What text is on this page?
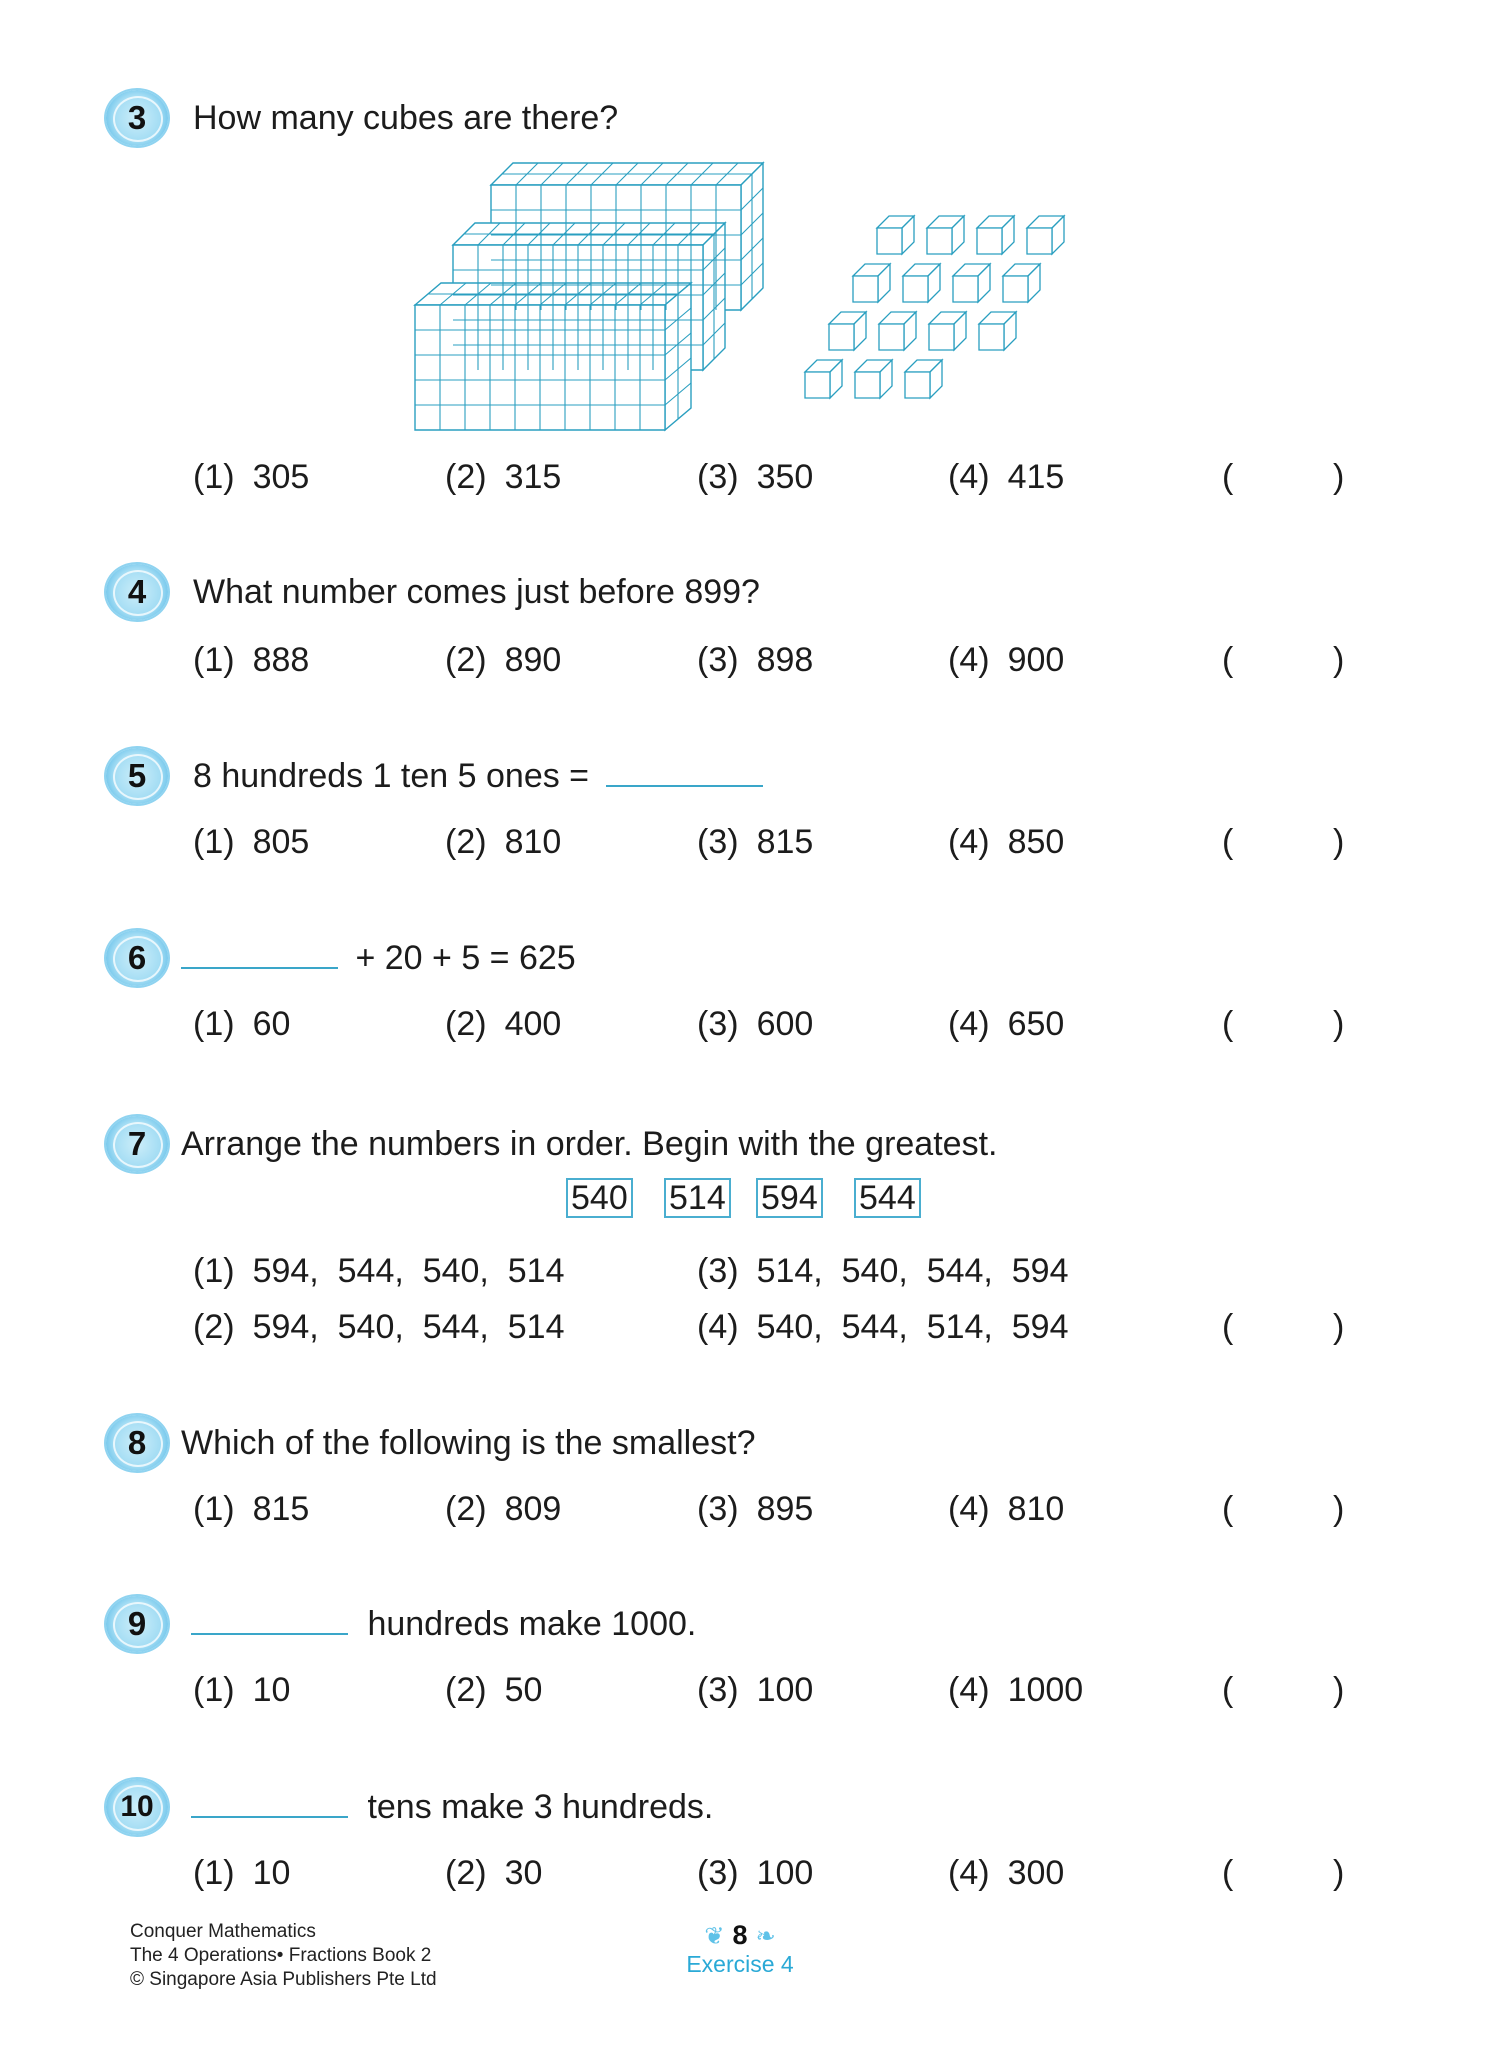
3 How many cubes are there?
(1) 305	(2) 315	(3) 350	(4) 415	(	)
4 What number comes just before 899?
(1) 888	(2) 890	(3) 898	(4) 900	(	)
5 8 hundreds 1 ten 5 ones =
(1) 805	(2) 810	(3) 815	(4) 850	(	)
6	+ 20 + 5 = 625
(1) 60	(2) 400	(3) 600	(4) 650	(	)
7 Arrange the numbers in order. Begin with the greatest.
540 514 594 544
(1) 594,  544,  540,  514	(3) 514,  540,  544,  594
(2) 594,  540,  544,  514	(4) 540,  544,  514,  594	(	)
8 Which of the following is the smallest?
(1) 815	(2) 809	(3) 895	(4) 810	(	)
9	hundreds make 1000.
(1) 10	(2) 50	(3) 100	(4) 1000	(	)
10	tens make 3 hundreds.
(1) 10	(2) 30	(3) 100	(4) 300	(	)
Conquer Mathematics
The 4 Operations• Fractions Book 2
© Singapore Asia Publishers Pte Ltd
❦ 8 ❧
Exercise 4
